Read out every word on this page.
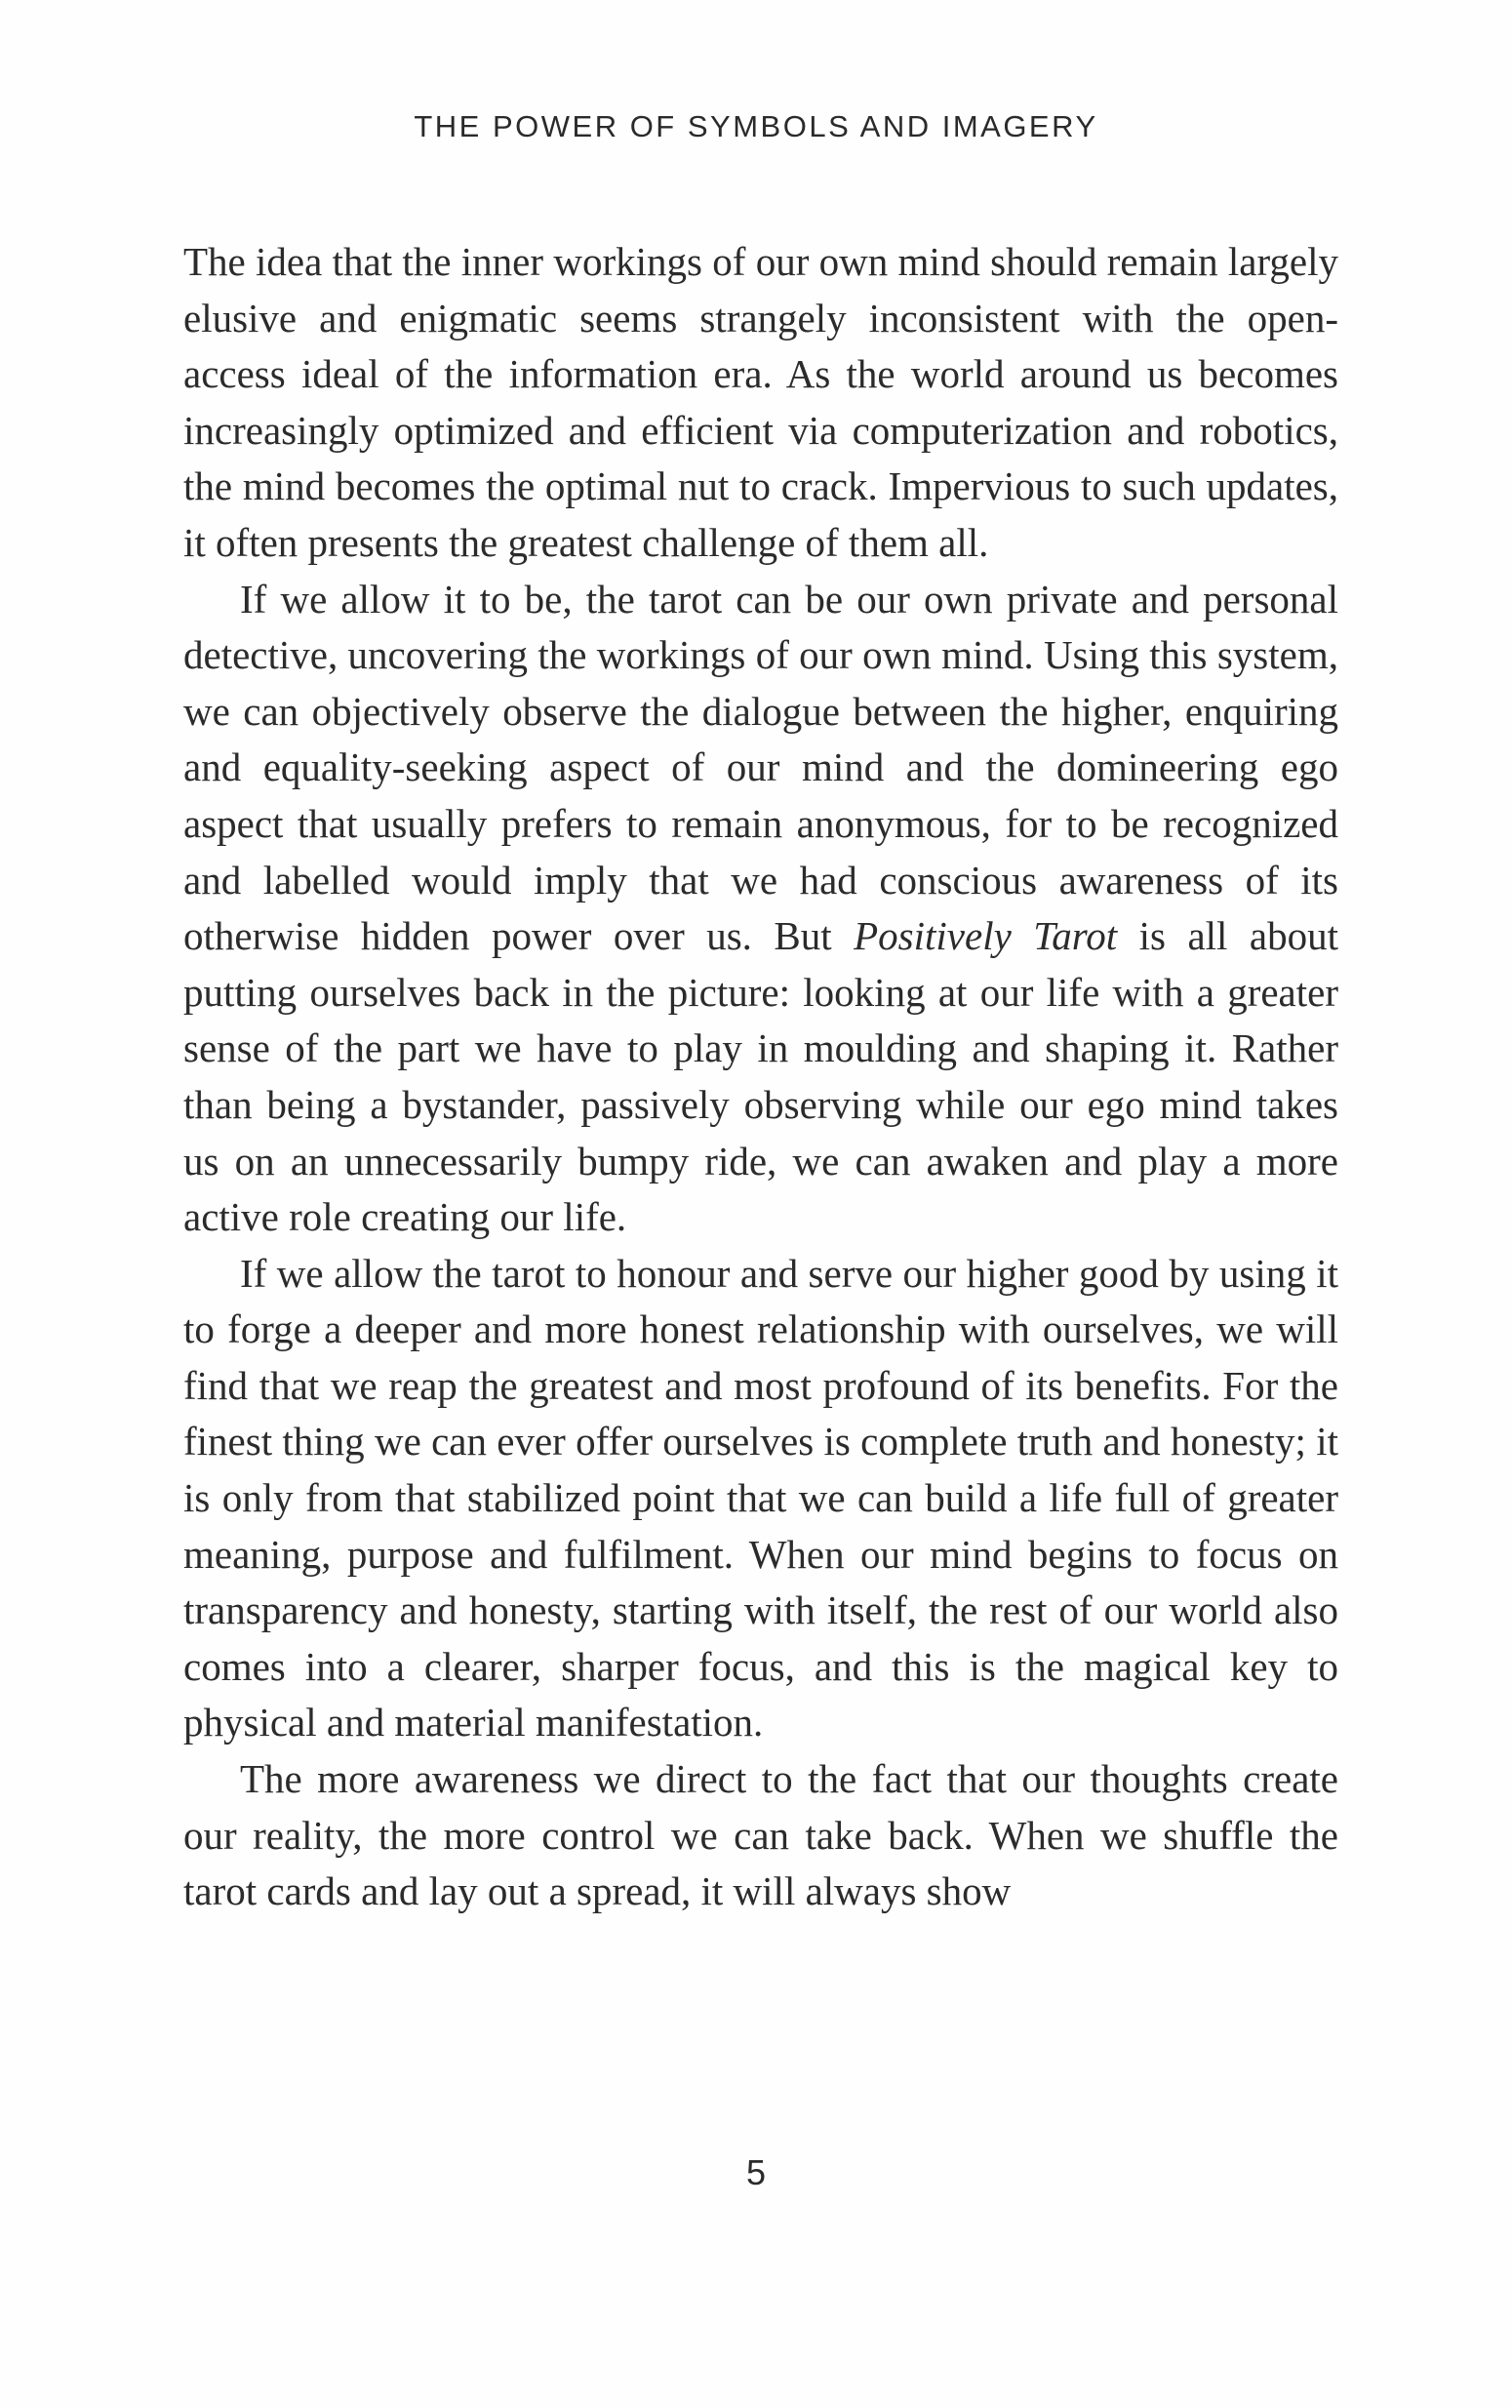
THE POWER OF SYMBOLS AND IMAGERY

The idea that the inner workings of our own mind should remain largely elusive and enigmatic seems strangely inconsistent with the open-access ideal of the information era. As the world around us becomes increasingly optimized and efficient via computerization and robotics, the mind becomes the optimal nut to crack. Impervious to such updates, it often presents the greatest challenge of them all.

If we allow it to be, the tarot can be our own private and personal detective, uncovering the workings of our own mind. Using this system, we can objectively observe the dialogue between the higher, enquiring and equality-seeking aspect of our mind and the domineering ego aspect that usually prefers to remain anonymous, for to be recognized and labelled would imply that we had conscious awareness of its otherwise hidden power over us. But Positively Tarot is all about putting ourselves back in the picture: looking at our life with a greater sense of the part we have to play in moulding and shaping it. Rather than being a bystander, passively observing while our ego mind takes us on an unnecessarily bumpy ride, we can awaken and play a more active role creating our life.

If we allow the tarot to honour and serve our higher good by using it to forge a deeper and more honest relationship with ourselves, we will find that we reap the greatest and most profound of its benefits. For the finest thing we can ever offer ourselves is complete truth and honesty; it is only from that stabilized point that we can build a life full of greater meaning, purpose and fulfilment. When our mind begins to focus on transparency and honesty, starting with itself, the rest of our world also comes into a clearer, sharper focus, and this is the magical key to physical and material manifestation.

The more awareness we direct to the fact that our thoughts create our reality, the more control we can take back. When we shuffle the tarot cards and lay out a spread, it will always show

5
